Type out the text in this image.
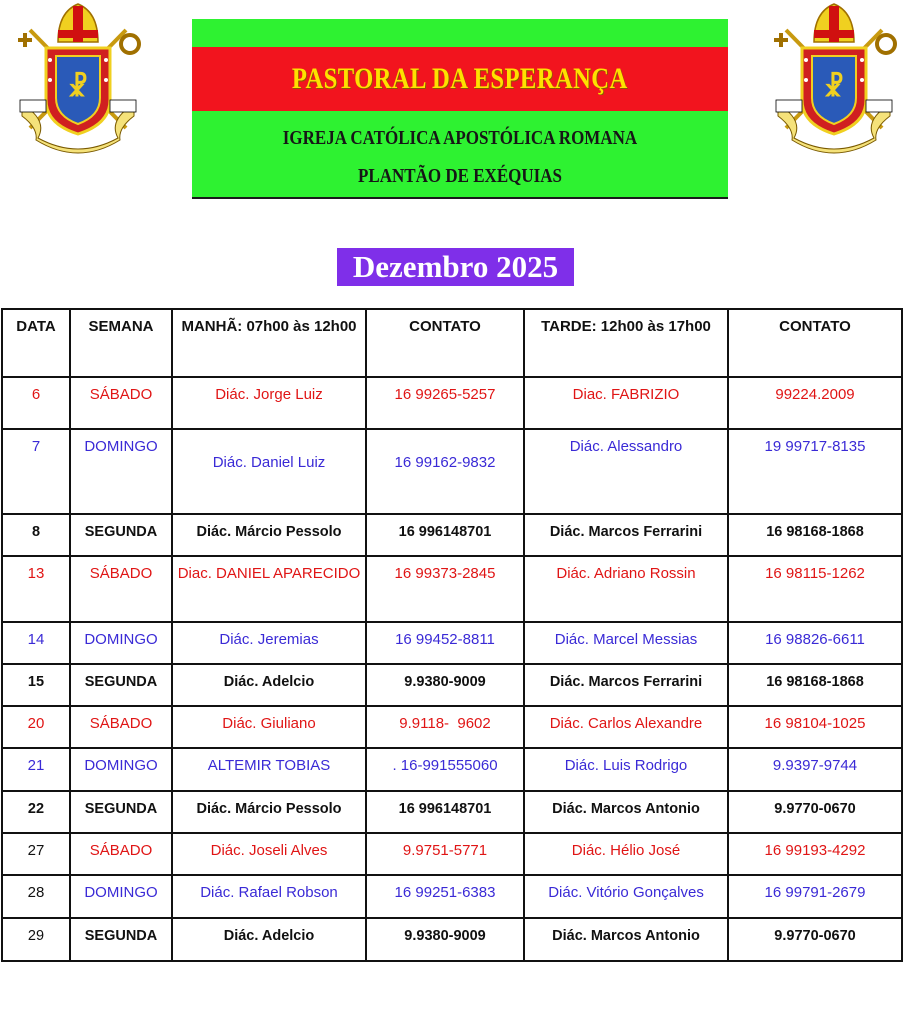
☧	☧
PASTORAL DA ESPERANÇA
IGREJA CATÓLICA APOSTÓLICA ROMANA
PLANTÃO DE EXÉQUIAS
Dezembro 2025
DATA	SEMANA	MANHÃ: 07h00 às 12h00	CONTATO	TARDE: 12h00 às 17h00	CONTATO
6	SÁBADO	Diác. Jorge Luiz	16 99265-5257	Diac. FABRIZIO	99224.2009
7	DOMINGO	Diác. Daniel Luiz	16 99162-9832	Diác. Alessandro	19 99717-8135
8	SEGUNDA	Diác. Márcio Pessolo	16 996148701	Diác. Marcos Ferrarini	16 98168-1868
13	SÁBADO	Diac. DANIEL APARECIDO	16 99373-2845	Diác. Adriano Rossin	16 98115-1262
14	DOMINGO	Diác. Jeremias	16 99452-8811	Diác. Marcel Messias	16 98826-6611
15	SEGUNDA	Diác. Adelcio	9.9380-9009	Diác. Marcos Ferrarini	16 98168-1868
20	SÁBADO	Diác. Giuliano	9.9118-  9602	Diác. Carlos Alexandre	16 98104-1025
21	DOMINGO	ALTEMIR TOBIAS	. 16-991555060	Diác. Luis Rodrigo	9.9397-9744
22	SEGUNDA	Diác. Márcio Pessolo	16 996148701	Diác. Marcos Antonio	9.9770-0670
27	SÁBADO	Diác. Joseli Alves	9.9751-5771	Diác. Hélio José	16 99193-4292
28	DOMINGO	Diác. Rafael Robson	16 99251-6383	Diác. Vitório Gonçalves	16 99791-2679
29	SEGUNDA	Diác. Adelcio	9.9380-9009	Diác. Marcos Antonio	9.9770-0670
